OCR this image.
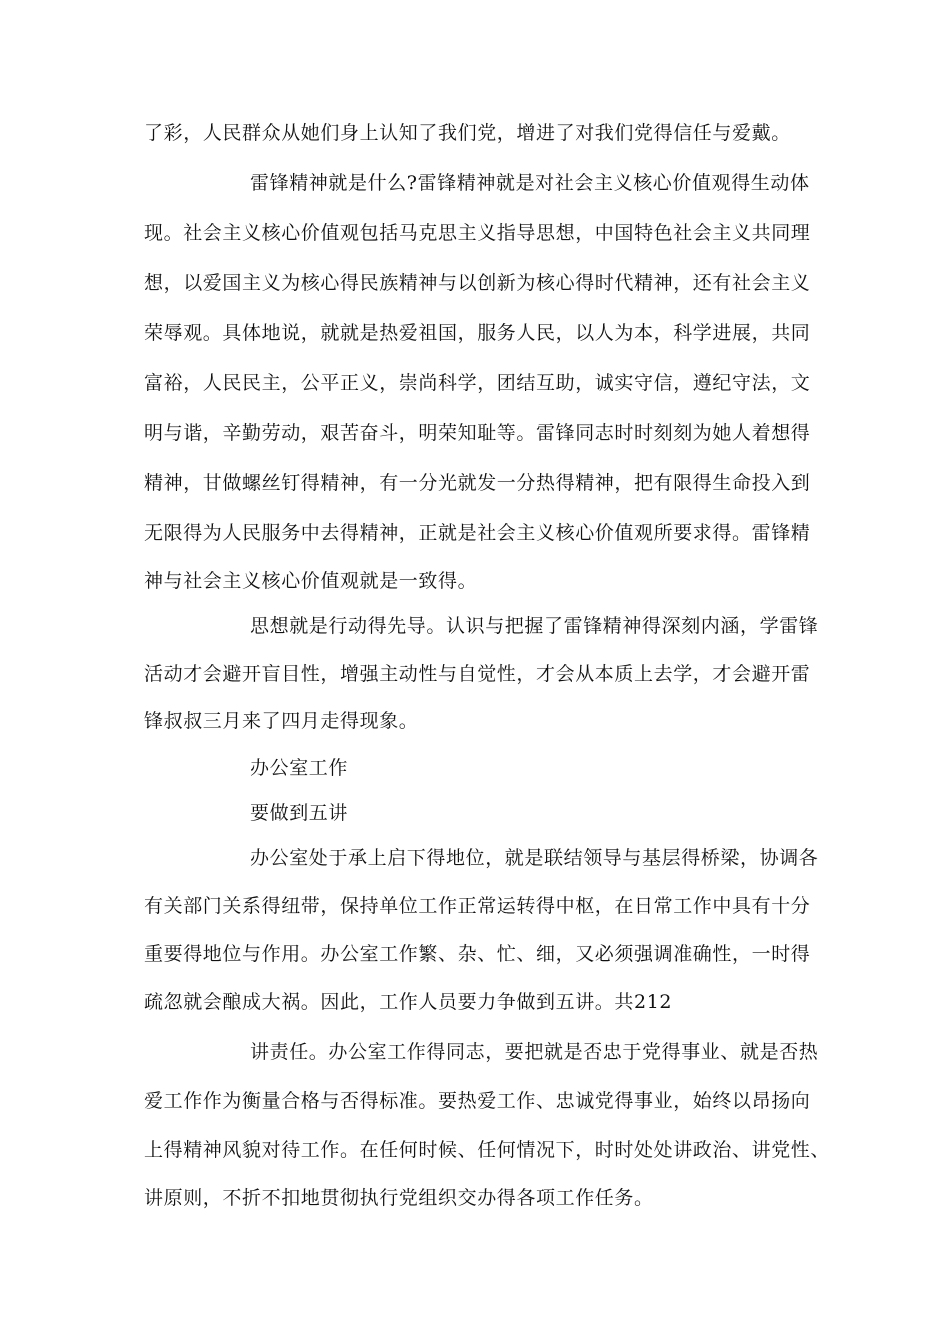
了彩，人民群众从她们身上认知了我们党，增进了对我们党得信任与爱戴。
雷锋精神就是什么?雷锋精神就是对社会主义核心价值观得生动体
现。社会主义核心价值观包括马克思主义指导思想，中国特色社会主义共同理
想，以爱国主义为核心得民族精神与以创新为核心得时代精神，还有社会主义
荣辱观。具体地说，就就是热爱祖国，服务人民，以人为本，科学进展，共同
富裕，人民民主，公平正义，崇尚科学，团结互助，诚实守信，遵纪守法，文
明与谐，辛勤劳动，艰苦奋斗，明荣知耻等。雷锋同志时时刻刻为她人着想得
精神，甘做螺丝钉得精神，有一分光就发一分热得精神，把有限得生命投入到
无限得为人民服务中去得精神，正就是社会主义核心价值观所要求得。雷锋精
神与社会主义核心价值观就是一致得。
思想就是行动得先导。认识与把握了雷锋精神得深刻内涵，学雷锋
活动才会避开盲目性，增强主动性与自觉性，才会从本质上去学，才会避开雷
锋叔叔三月来了四月走得现象。
办公室工作
要做到五讲
办公室处于承上启下得地位，就是联结领导与基层得桥梁，协调各
有关部门关系得纽带，保持单位工作正常运转得中枢，在日常工作中具有十分
重要得地位与作用。办公室工作繁、杂、忙、细，又必须强调准确性，一时得
疏忽就会酿成大祸。因此，工作人员要力争做到五讲。共212
讲责任。办公室工作得同志，要把就是否忠于党得事业、就是否热
爱工作作为衡量合格与否得标准。要热爱工作、忠诚党得事业，始终以昂扬向
上得精神风貌对待工作。在任何时候、任何情况下，时时处处讲政治、讲党性、
讲原则，不折不扣地贯彻执行党组织交办得各项工作任务。
